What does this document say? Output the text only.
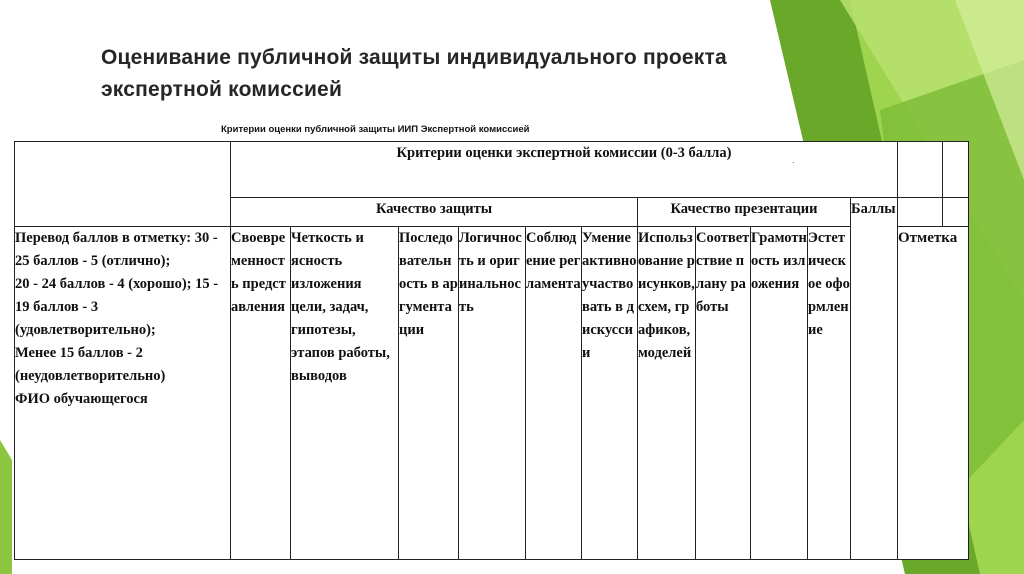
Оценивание публичной защиты индивидуального проекта экспертной комиссией
Критерии оценки публичной защиты ИИП Экспертной комиссией
	Критерии оценки экспертной комиссии (0-3 балла)												
	Качество защиты						Качество презентации				Баллы		

Перевод баллов в отметку: 30 - 25 баллов - 5 (отлично);
20 - 24 баллов - 4 (хорошо); 15 - 19 баллов - 3 (удовлетворительно);
Менее 15 баллов - 2 (неудовлетворительно)
ФИО обучающегося	Своевременность представления	Четкость и ясность изложения цели, задач, гипотезы, этапов работы, выводов	Последовательность в аргументации	Логичность и оригинальность	Соблюдение регламента	Умение активно участвовать в дискуссии	Использование рисунков, схем, графиков, моделей	Соответствие плану работы	Грамотность изложения	Эстетическое оформление		Отметка	
.
